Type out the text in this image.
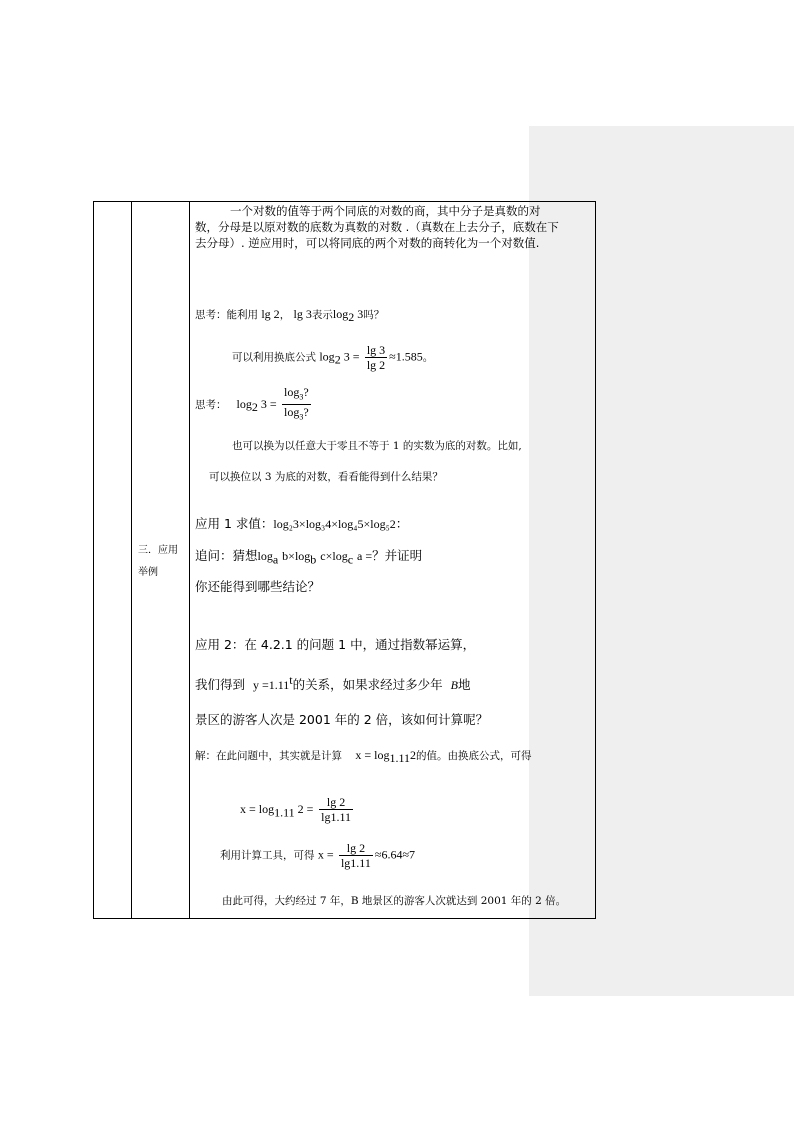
三．应用
举例
一个对数的值等于两个同底的对数的商，其中分子是真数的对
数，分母是以原对数的底数为真数的对数 .（真数在上去分子，底数在下
去分母）. 逆应用时，可以将同底的两个对数的商转化为一个对数值.
思考：能利用 lg 2， lg 3表示$\log_2 3$吗？
可以利用换底公式 $\log_2 3 = \frac{\lg 3}{\lg 2} \approx 1.585$。
思考： $\log_2 3 = \frac{\log_3?}{\log_3?}$
也可以换为以任意大于零且不等于 1 的实数为底的对数。比如,
可以换位以 3 为底的对数，看看能得到什么结果？
应用 1 求值：log₂3×log₃4×log₄5×log₅2：
追问：猜想$\log_a b\times\log_b$ $c\times\log_c$ a =？并证明
你还能得到哪些结论？
应用 2：在 4.2.1 的问题 1 中，通过指数幂运算，
我们得到 $y =1.11^t$的关系，如果求经过多少年 B地
景区的游客人次是 2001 年的 2 倍，该如何计算呢？
解：在此问题中，其实就是计算 $x = \log_{1.11}2$的值。由换底公式，可得
$x = \log_{1.11} 2 = \frac{\lg 2}{\lg 1.11}$
利用计算工具，可得 $x = \frac{\lg 2}{\lg 1.11} \approx 6.64\approx 7$
由此可得，大约经过 7 年，B 地景区的游客人次就达到 2001 年的 2 倍。
